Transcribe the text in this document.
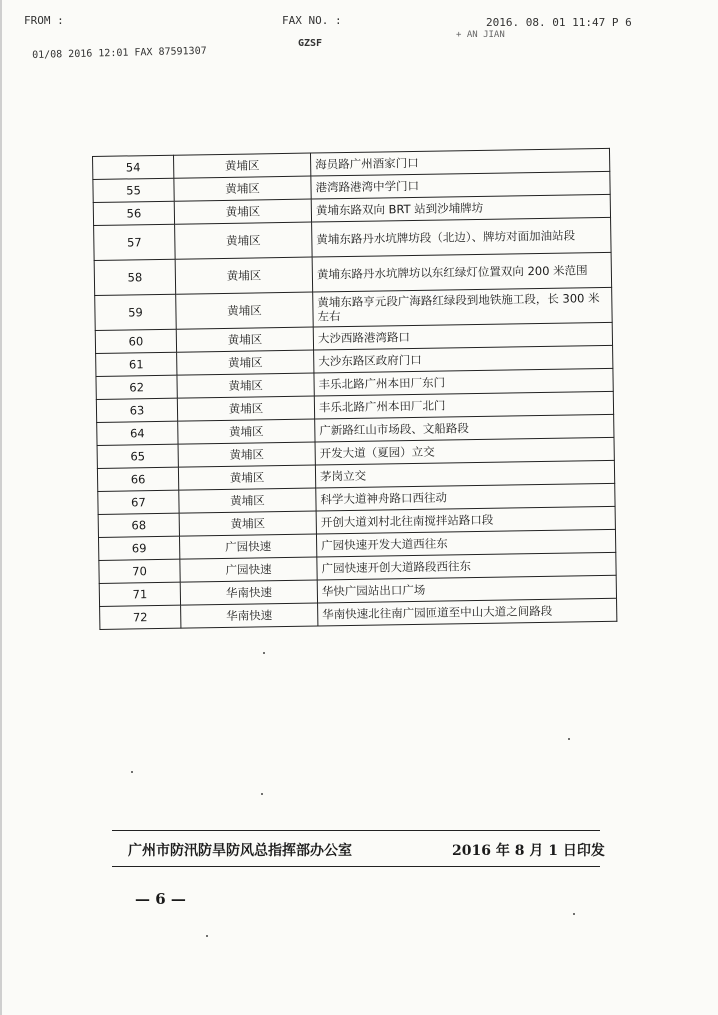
FROM :	FAX NO. :	2016. 08. 01 11:47 P 6
+ AN JIAN
GZSF
01/08 2016 12:01 FAX 87591307
54	黄埔区	海员路广州酒家门口
55	黄埔区	港湾路港湾中学门口
56	黄埔区	黄埔东路双向 BRT 站到沙埔牌坊
57	黄埔区	黄埔东路丹水坑牌坊段（北边）、牌坊对面加油站段
58	黄埔区	黄埔东路丹水坑牌坊以东红绿灯位置双向 200 米范围
59	黄埔区	黄埔东路亨元段广海路红绿段到地铁施工段，长 300 米左右
60	黄埔区	大沙西路港湾路口
61	黄埔区	大沙东路区政府门口
62	黄埔区	丰乐北路广州本田厂东门
63	黄埔区	丰乐北路广州本田厂北门
64	黄埔区	广新路红山市场段、文船路段
65	黄埔区	开发大道（夏园）立交
66	黄埔区	茅岗立交
67	黄埔区	科学大道神舟路口西往动
68	黄埔区	开创大道刘村北往南搅拌站路口段
69	广园快速	广园快速开发大道西往东
70	广园快速	广园快速开创大道路段西往东
71	华南快速	华快广园站出口广场
72	华南快速	华南快速北往南广园匝道至中山大道之间路段
广州市防汛防旱防风总指挥部办公室	2016 年 8 月 1 日印发
— 6 —
